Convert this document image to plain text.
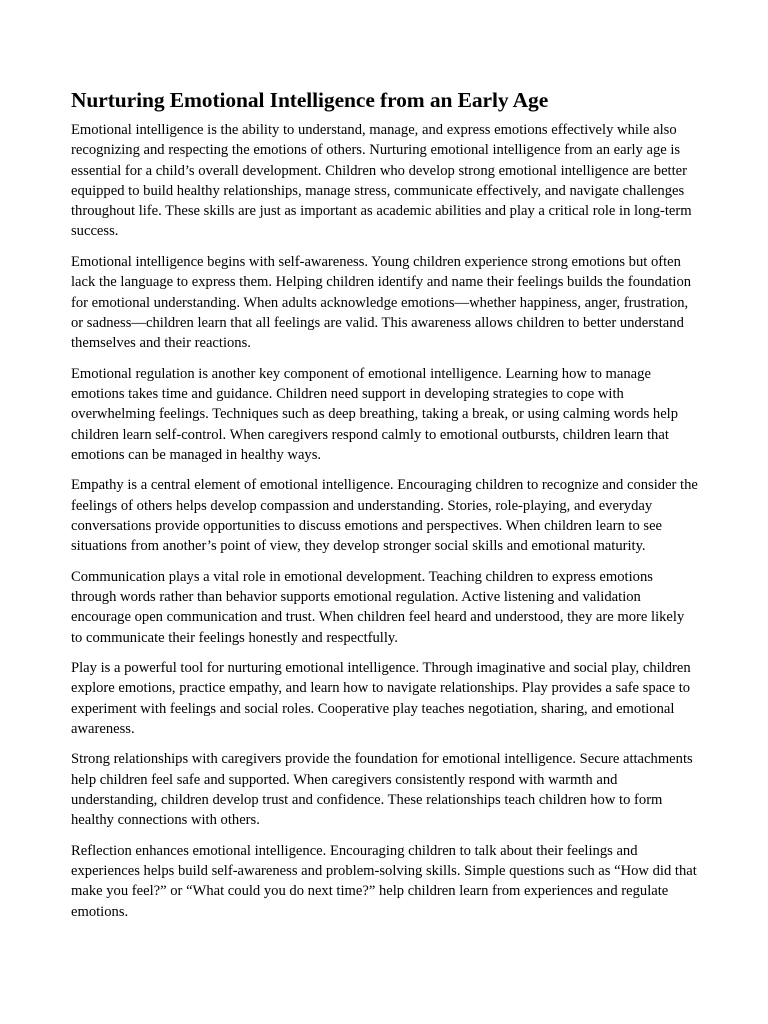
Nurturing Emotional Intelligence from an Early Age

Emotional intelligence is the ability to understand, manage, and express emotions effectively while also recognizing and respecting the emotions of others. Nurturing emotional intelligence from an early age is essential for a child’s overall development. Children who develop strong emotional intelligence are better equipped to build healthy relationships, manage stress, communicate effectively, and navigate challenges throughout life. These skills are just as important as academic abilities and play a critical role in long-term success.

Emotional intelligence begins with self-awareness. Young children experience strong emotions but often lack the language to express them. Helping children identify and name their feelings builds the foundation for emotional understanding. When adults acknowledge emotions—whether happiness, anger, frustration, or sadness—children learn that all feelings are valid. This awareness allows children to better understand themselves and their reactions.

Emotional regulation is another key component of emotional intelligence. Learning how to manage emotions takes time and guidance. Children need support in developing strategies to cope with overwhelming feelings. Techniques such as deep breathing, taking a break, or using calming words help children learn self-control. When caregivers respond calmly to emotional outbursts, children learn that emotions can be managed in healthy ways.

Empathy is a central element of emotional intelligence. Encouraging children to recognize and consider the feelings of others helps develop compassion and understanding. Stories, role-playing, and everyday conversations provide opportunities to discuss emotions and perspectives. When children learn to see situations from another’s point of view, they develop stronger social skills and emotional maturity.

Communication plays a vital role in emotional development. Teaching children to express emotions through words rather than behavior supports emotional regulation. Active listening and validation encourage open communication and trust. When children feel heard and understood, they are more likely to communicate their feelings honestly and respectfully.

Play is a powerful tool for nurturing emotional intelligence. Through imaginative and social play, children explore emotions, practice empathy, and learn how to navigate relationships. Play provides a safe space to experiment with feelings and social roles. Cooperative play teaches negotiation, sharing, and emotional awareness.

Strong relationships with caregivers provide the foundation for emotional intelligence. Secure attachments help children feel safe and supported. When caregivers consistently respond with warmth and understanding, children develop trust and confidence. These relationships teach children how to form healthy connections with others.

Reflection enhances emotional intelligence. Encouraging children to talk about their feelings and experiences helps build self-awareness and problem-solving skills. Simple questions such as “How did that make you feel?” or “What could you do next time?” help children learn from experiences and regulate emotions.
